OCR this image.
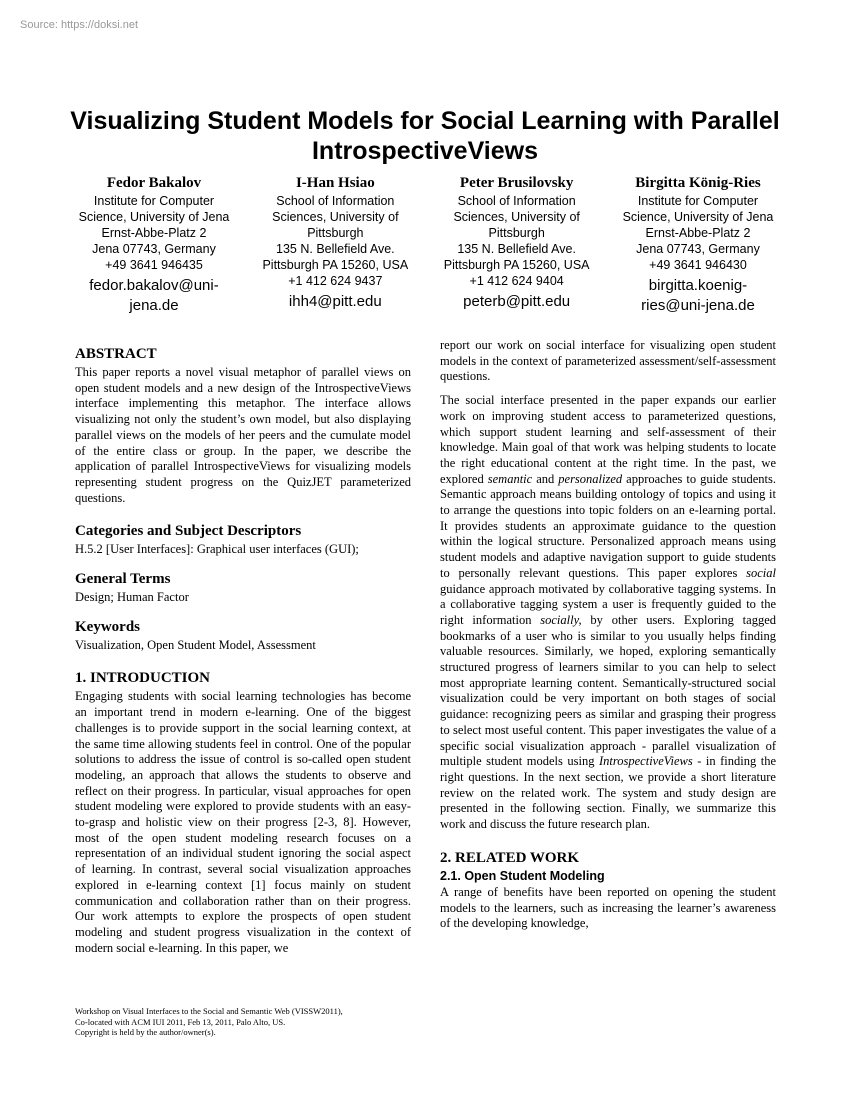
Source: https://doksi.net
Visualizing Student Models for Social Learning with Parallel IntrospectiveViews
Fedor Bakalov
Institute for Computer
Science, University of Jena
Ernst-Abbe-Platz 2
Jena 07743, Germany
+49 3641 946435
fedor.bakalov@uni-
jena.de
I-Han Hsiao
School of Information
Sciences, University of
Pittsburgh
135 N. Bellefield Ave.
Pittsburgh PA 15260, USA
+1 412 624 9437
ihh4@pitt.edu
Peter Brusilovsky
School of Information
Sciences, University of
Pittsburgh
135 N. Bellefield Ave.
Pittsburgh PA 15260, USA
+1 412 624 9404
peterb@pitt.edu
Birgitta König-Ries
Institute for Computer
Science, University of Jena
Ernst-Abbe-Platz 2
Jena 07743, Germany
+49 3641 946430
birgitta.koenig-
ries@uni-jena.de
ABSTRACT

This paper reports a novel visual metaphor of parallel views on open student models and a new design of the IntrospectiveViews interface implementing this metaphor. The interface allows visualizing not only the student’s own model, but also displaying parallel views on the models of her peers and the cumulate model of the entire class or group. In the paper, we describe the application of parallel IntrospectiveViews for visualizing models representing student progress on the QuizJET parameterized questions.

Categories and Subject Descriptors

H.5.2 [User Interfaces]: Graphical user interfaces (GUI);

General Terms

Design; Human Factor

Keywords

Visualization, Open Student Model, Assessment

1. INTRODUCTION

Engaging students with social learning technologies has become an important trend in modern e-learning. One of the biggest challenges is to provide support in the social learning context, at the same time allowing students feel in control. One of the popular solutions to address the issue of control is so-called open student modeling, an approach that allows the students to observe and reflect on their progress. In particular, visual approaches for open student modeling were explored to provide students with an easy-to-grasp and holistic view on their progress [2-3, 8]. However, most of the open student modeling research focuses on a representation of an individual student ignoring the social aspect of learning. In contrast, several social visualization approaches explored in e-learning context [1] focus mainly on student communication and collaboration rather than on their progress. Our work attempts to explore the prospects of open student modeling and student progress visualization in the context of modern social e-learning. In this paper, we

report our work on social interface for visualizing open student models in the context of parameterized assessment/self-assessment questions.

The social interface presented in the paper expands our earlier work on improving student access to parameterized questions, which support student learning and self-assessment of their knowledge. Main goal of that work was helping students to locate the right educational content at the right time. In the past, we explored semantic and personalized approaches to guide students. Semantic approach means building ontology of topics and using it to arrange the questions into topic folders on an e-learning portal. It provides students an approximate guidance to the question within the logical structure. Personalized approach means using student models and adaptive navigation support to guide students to personally relevant questions. This paper explores social guidance approach motivated by collaborative tagging systems. In a collaborative tagging system a user is frequently guided to the right information socially, by other users. Exploring tagged bookmarks of a user who is similar to you usually helps finding valuable resources. Similarly, we hoped, exploring semantically structured progress of learners similar to you can help to select most appropriate learning content. Semantically-structured social visualization could be very important on both stages of social guidance: recognizing peers as similar and grasping their progress to select most useful content. This paper investigates the value of a specific social visualization approach - parallel visualization of multiple student models using IntrospectiveViews - in finding the right questions. In the next section, we provide a short literature review on the related work. The system and study design are presented in the following section. Finally, we summarize this work and discuss the future research plan.

2. RELATED WORK
2.1. Open Student Modeling

A range of benefits have been reported on opening the student models to the learners, such as increasing the learner’s awareness of the developing knowledge,

Workshop on Visual Interfaces to the Social and Semantic Web (VISSW2011),
Co-located with ACM IUI 2011, Feb 13, 2011, Palo Alto, US.
Copyright is held by the author/owner(s).
